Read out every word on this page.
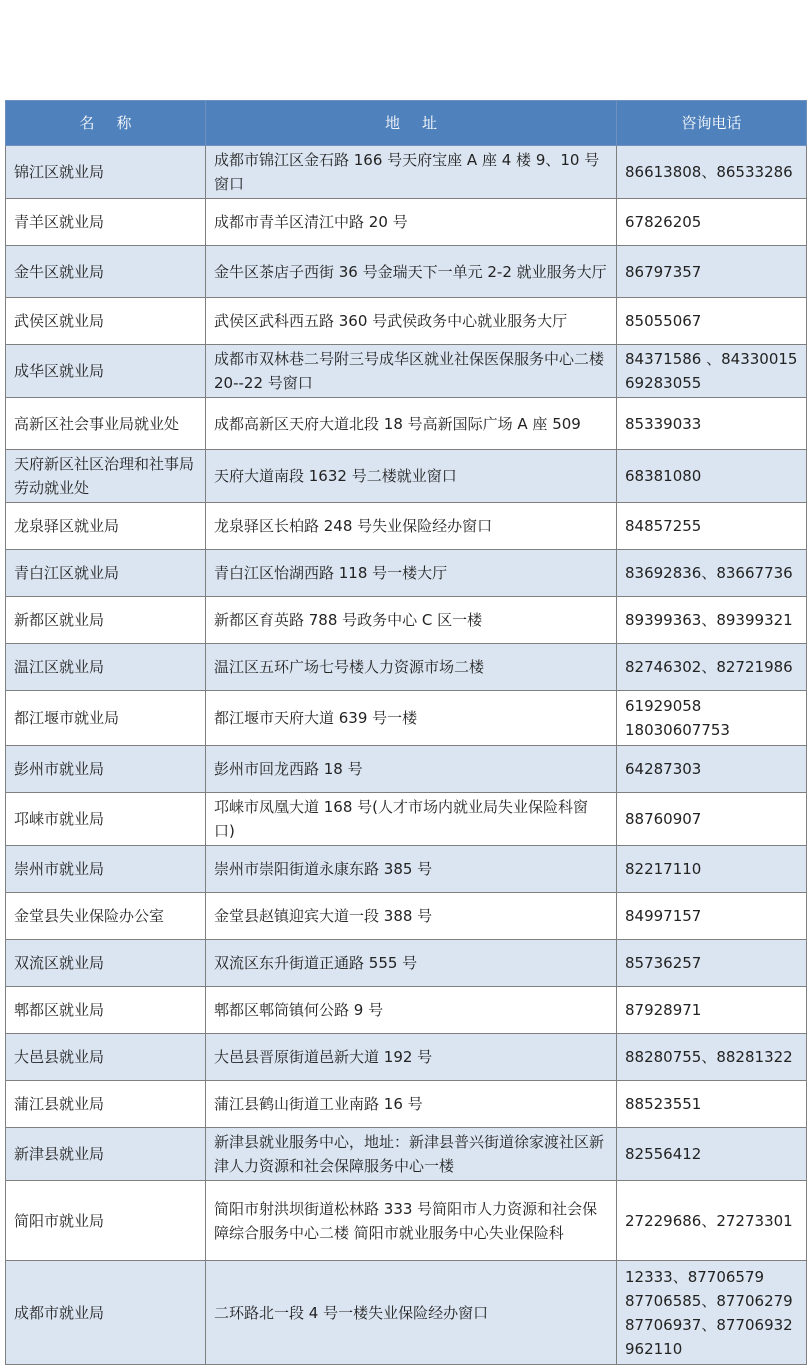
名称	地址	咨询电话
锦江区就业局	成都市锦江区金石路 166 号天府宝座 A 座 4 楼 9、10 号窗口	86613808、86533286

青羊区就业局	成都市青羊区清江中路 20 号	67826205

金牛区就业局	金牛区茶店子西街 36 号金瑞天下一单元 2-2 就业服务大厅	86797357

武侯区就业局	武侯区武科西五路 360 号武侯政务中心就业服务大厅	85055067

成华区就业局	成都市双林巷二号附三号成华区就业社保医保服务中心二楼 20--22 号窗口	84371586 、84330015
69283055

高新区社会事业局就业处	成都高新区天府大道北段 18 号高新国际广场 A 座 509	85339033

天府新区社区治理和社事局劳动就业处	天府大道南段 1632 号二楼就业窗口	68381080

龙泉驿区就业局	龙泉驿区长柏路 248 号失业保险经办窗口	84857255

青白江区就业局	青白江区怡湖西路 118 号一楼大厅	83692836、83667736

新都区就业局	新都区育英路 788 号政务中心 C 区一楼	89399363、89399321

温江区就业局	温江区五环广场七号楼人力资源市场二楼	82746302、82721986

都江堰市就业局	都江堰市天府大道 639 号一楼	61929058
18030607753

彭州市就业局	彭州市回龙西路 18 号	64287303

邛崃市就业局	邛崃市凤凰大道 168 号(人才市场内就业局失业保险科窗口)	88760907

崇州市就业局	崇州市崇阳街道永康东路 385 号	82217110

金堂县失业保险办公室	金堂县赵镇迎宾大道一段 388 号	84997157

双流区就业局	双流区东升街道正通路 555 号	85736257

郫都区就业局	郫都区郫筒镇何公路 9 号	87928971

大邑县就业局	大邑县晋原街道邑新大道 192 号	88280755、88281322

蒲江县就业局	蒲江县鹤山街道工业南路 16 号	88523551

新津县就业局	新津县就业服务中心，地址：新津县普兴街道徐家渡社区新津人力资源和社会保障服务中心一楼	82556412

简阳市就业局	简阳市射洪坝街道松林路 333 号简阳市人力资源和社会保障综合服务中心二楼 简阳市就业服务中心失业保险科	27229686、27273301

成都市就业局	二环路北一段 4 号一楼失业保险经办窗口	12333、87706579
87706585、87706279
87706937、87706932
962110
